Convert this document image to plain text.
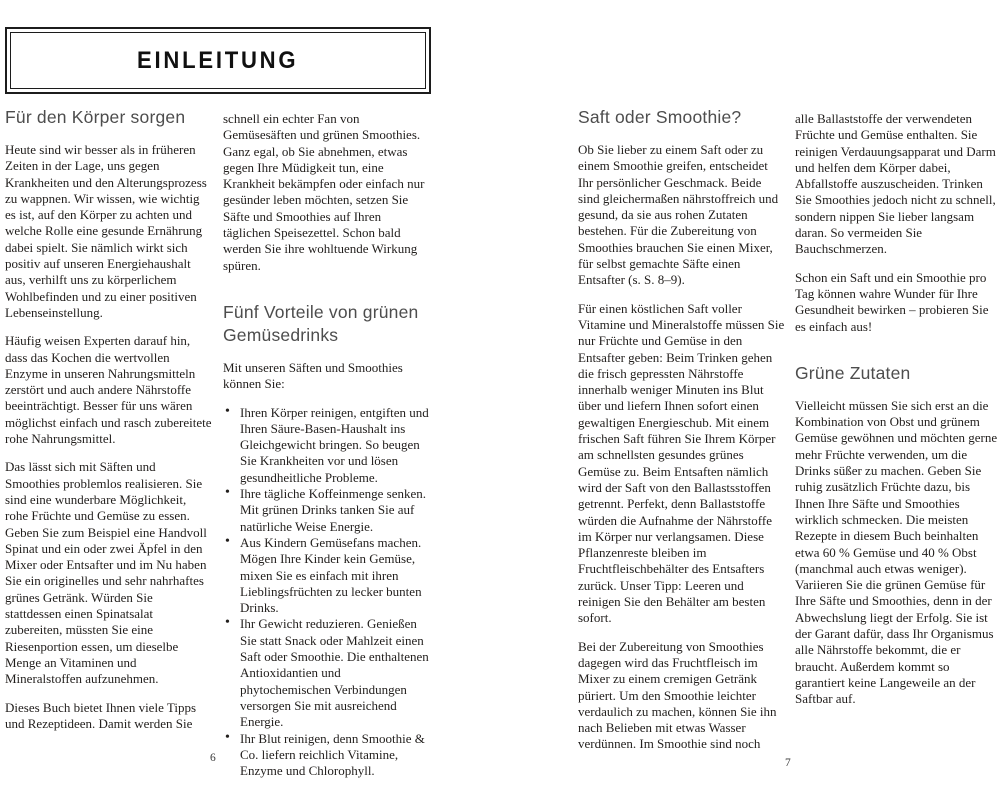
EINLEITUNG
Für den Körper sorgen

Heute sind wir besser als in früheren Zeiten in der Lage, uns gegen Krankheiten und den Alterungsprozess zu wappnen. Wir wissen, wie wichtig es ist, auf den Körper zu achten und welche Rolle eine gesunde Ernährung dabei spielt. Sie nämlich wirkt sich positiv auf unseren Energiehaushalt aus, verhilft uns zu körperlichem Wohlbefinden und zu einer positiven Lebenseinstellung.

Häufig weisen Experten darauf hin, dass das Kochen die wertvollen Enzyme in unseren Nahrungsmitteln zerstört und auch andere Nährstoffe beeinträchtigt. Besser für uns wären möglichst einfach und rasch zubereitete rohe Nahrungsmittel.

Das lässt sich mit Säften und Smoothies problemlos realisieren. Sie sind eine wunderbare Möglichkeit, rohe Früchte und Gemüse zu essen. Geben Sie zum Beispiel eine Handvoll Spinat und ein oder zwei Äpfel in den Mixer oder Entsafter und im Nu haben Sie ein originelles und sehr nahrhaftes grünes Getränk. Würden Sie stattdessen einen Spinatsalat zubereiten, müssten Sie eine Riesenportion essen, um dieselbe Menge an Vitaminen und Mineralstoffen aufzunehmen.

Dieses Buch bietet Ihnen viele Tipps und Rezeptideen. Damit werden Sie

schnell ein echter Fan von Gemüsesäften und grünen Smoothies. Ganz egal, ob Sie abnehmen, etwas gegen Ihre Müdigkeit tun, eine Krankheit bekämpfen oder einfach nur gesünder leben möchten, setzen Sie Säfte und Smoothies auf Ihren täglichen Speisezettel. Schon bald werden Sie ihre wohltuende Wirkung spüren.

Fünf Vorteile von grünen Gemüsedrinks

Mit unseren Säften und Smoothies können Sie:

• Ihren Körper reinigen, entgiften und Ihren Säure-Basen-Haushalt ins Gleichgewicht bringen. So beugen Sie Krankheiten vor und lösen gesundheitliche Probleme.
• Ihre tägliche Koffeinmenge senken. Mit grünen Drinks tanken Sie auf natürliche Weise Energie.
• Aus Kindern Gemüsefans machen. Mögen Ihre Kinder kein Gemüse, mixen Sie es einfach mit ihren Lieblingsfrüchten zu lecker bunten Drinks.
• Ihr Gewicht reduzieren. Genießen Sie statt Snack oder Mahlzeit einen Saft oder Smoothie. Die enthaltenen Antioxidantien und phytochemischen Verbindungen versorgen Sie mit ausreichend Energie.
• Ihr Blut reinigen, denn Smoothie & Co. liefern reichlich Vitamine, Enzyme und Chlorophyll.
Saft oder Smoothie?

Ob Sie lieber zu einem Saft oder zu einem Smoothie greifen, entscheidet Ihr persönlicher Geschmack. Beide sind gleichermaßen nährstoffreich und gesund, da sie aus rohen Zutaten bestehen. Für die Zubereitung von Smoothies brauchen Sie einen Mixer, für selbst gemachte Säfte einen Entsafter (s. S. 8–9).

Für einen köstlichen Saft voller Vitamine und Mineralstoffe müssen Sie nur Früchte und Gemüse in den Entsafter geben: Beim Trinken gehen die frisch gepressten Nährstoffe innerhalb weniger Minuten ins Blut über und liefern Ihnen sofort einen gewaltigen Energieschub. Mit einem frischen Saft führen Sie Ihrem Körper am schnellsten gesundes grünes Gemüse zu. Beim Entsaften nämlich wird der Saft von den Ballastsstoffen getrennt. Perfekt, denn Ballaststoffe würden die Aufnahme der Nährstoffe im Körper nur verlangsamen. Diese Pflanzenreste bleiben im Fruchtfleischbehälter des Entsafters zurück. Unser Tipp: Leeren und reinigen Sie den Behälter am besten sofort.

Bei der Zubereitung von Smoothies dagegen wird das Fruchtfleisch im Mixer zu einem cremigen Getränk püriert. Um den Smoothie leichter verdaulich zu machen, können Sie ihn nach Belieben mit etwas Wasser verdünnen. Im Smoothie sind noch

alle Ballaststoffe der verwendeten Früchte und Gemüse enthalten. Sie reinigen Verdauungsapparat und Darm und helfen dem Körper dabei, Abfallstoffe auszuscheiden. Trinken Sie Smoothies jedoch nicht zu schnell, sondern nippen Sie lieber langsam daran. So vermeiden Sie Bauchschmerzen.

Schon ein Saft und ein Smoothie pro Tag können wahre Wunder für Ihre Gesundheit bewirken – probieren Sie es einfach aus!

Grüne Zutaten

Vielleicht müssen Sie sich erst an die Kombination von Obst und grünem Gemüse gewöhnen und möchten gerne mehr Früchte verwenden, um die Drinks süßer zu machen. Geben Sie ruhig zusätzlich Früchte dazu, bis Ihnen Ihre Säfte und Smoothies wirklich schmecken. Die meisten Rezepte in diesem Buch beinhalten etwa 60 % Gemüse und 40 % Obst (manchmal auch etwas weniger).

Variieren Sie die grünen Gemüse für Ihre Säfte und Smoothies, denn in der Abwechslung liegt der Erfolg. Sie ist der Garant dafür, dass Ihr Organismus alle Nährstoffe bekommt, die er braucht. Außerdem kommt so garantiert keine Langeweile an der Saftbar auf.

6	7
